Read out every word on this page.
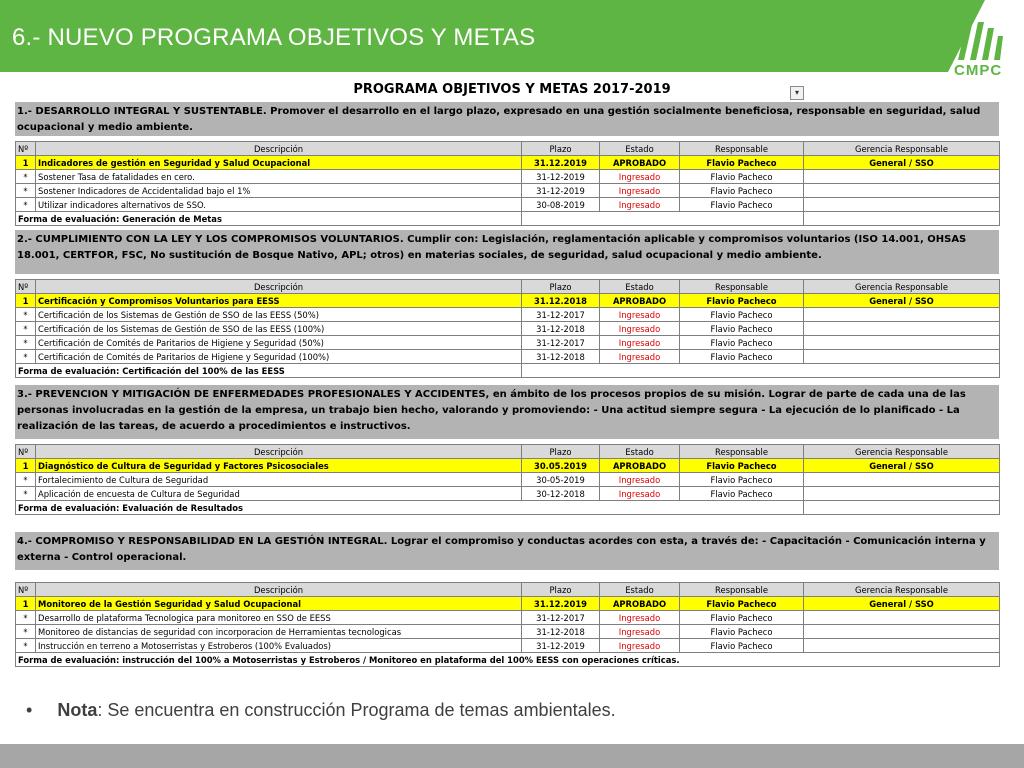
6.- NUEVO PROGRAMA OBJETIVOS Y METAS
CMPC
PROGRAMA OBJETIVOS Y METAS 2017-2019	▾
1.- DESARROLLO INTEGRAL Y SUSTENTABLE. Promover el desarrollo en el largo plazo, expresado en una gestión socialmente beneficiosa, responsable en seguridad, salud ocupacional y medio ambiente.
Nº	Descripción	Plazo	Estado	Responsable	Gerencia Responsable
1	Indicadores de gestión en Seguridad y Salud Ocupacional	31.12.2019	APROBADO	Flavio Pacheco	General / SSO
*	Sostener Tasa de fatalidades en cero.	31-12-2019	Ingresado	Flavio Pacheco	
*	Sostener Indicadores de Accidentalidad bajo el 1%	31-12-2019	Ingresado	Flavio Pacheco	
*	Utilizar indicadores alternativos de SSO.	30-08-2019	Ingresado	Flavio Pacheco	
Forma de evaluación: Generación de Metas					
2.- CUMPLIMIENTO CON LA LEY Y LOS COMPROMISOS VOLUNTARIOS. Cumplir con: Legislación, reglamentación aplicable y compromisos voluntarios (ISO 14.001, OHSAS 18.001, CERTFOR, FSC, No sustitución de Bosque Nativo, APL; otros) en materias sociales, de seguridad, salud ocupacional y medio ambiente.
Nº	Descripción	Plazo	Estado	Responsable	Gerencia Responsable
1	Certificación y Compromisos Voluntarios para EESS	31.12.2018	APROBADO	Flavio Pacheco	General / SSO
*	Certificación de los Sistemas de Gestión de SSO de las EESS (50%)	31-12-2017	Ingresado	Flavio Pacheco	
*	Certificación de los Sistemas de Gestión de SSO de las EESS (100%)	31-12-2018	Ingresado	Flavio Pacheco	
*	Certificación de Comités de Paritarios de Higiene y Seguridad (50%)	31-12-2017	Ingresado	Flavio Pacheco	
*	Certificación de Comités de Paritarios de Higiene y Seguridad (100%)	31-12-2018	Ingresado	Flavio Pacheco	
Forma de evaluación: Certificación del 100% de las EESS					
3.- PREVENCION Y MITIGACIÓN DE ENFERMEDADES PROFESIONALES Y ACCIDENTES, en ámbito de los procesos propios de su misión. Lograr de parte de cada una de las personas involucradas en la gestión de la empresa, un trabajo bien hecho, valorando y promoviendo: - Una actitud siempre segura - La ejecución de lo planificado - La realización de las tareas, de acuerdo a procedimientos e instructivos.
Nº	Descripción	Plazo	Estado	Responsable	Gerencia Responsable
1	Diagnóstico de Cultura de Seguridad y Factores Psicosociales	30.05.2019	APROBADO	Flavio Pacheco	General / SSO
*	Fortalecimiento de Cultura de Seguridad	30-05-2019	Ingresado	Flavio Pacheco	
*	Aplicación de encuesta de Cultura de Seguridad	30-12-2018	Ingresado	Flavio Pacheco	
Forma de evaluación: Evaluación de Resultados					
4.- COMPROMISO Y RESPONSABILIDAD EN LA GESTIÓN INTEGRAL. Lograr el compromiso y conductas acordes con esta, a través de: - Capacitación - Comunicación interna y externa - Control operacional.
Nº	Descripción	Plazo	Estado	Responsable	Gerencia Responsable
1	Monitoreo de la Gestión Seguridad y Salud Ocupacional	31.12.2019	APROBADO	Flavio Pacheco	General / SSO
*	Desarrollo de plataforma Tecnologica para monitoreo en SSO de EESS	31-12-2017	Ingresado	Flavio Pacheco	
*	Monitoreo de distancias de seguridad con incorporacion de Herramientas tecnologicas	31-12-2018	Ingresado	Flavio Pacheco	
*	Instrucción en terreno a Motoserristas y Estroberos (100% Evaluados)	31-12-2019	Ingresado	Flavio Pacheco	
Forma de evaluación: instrucción del 100% a Motoserristas y Estroberos / Monitoreo en plataforma del 100% EESS con operaciones críticas.					
• Nota: Se encuentra en construcción Programa de temas ambientales.
